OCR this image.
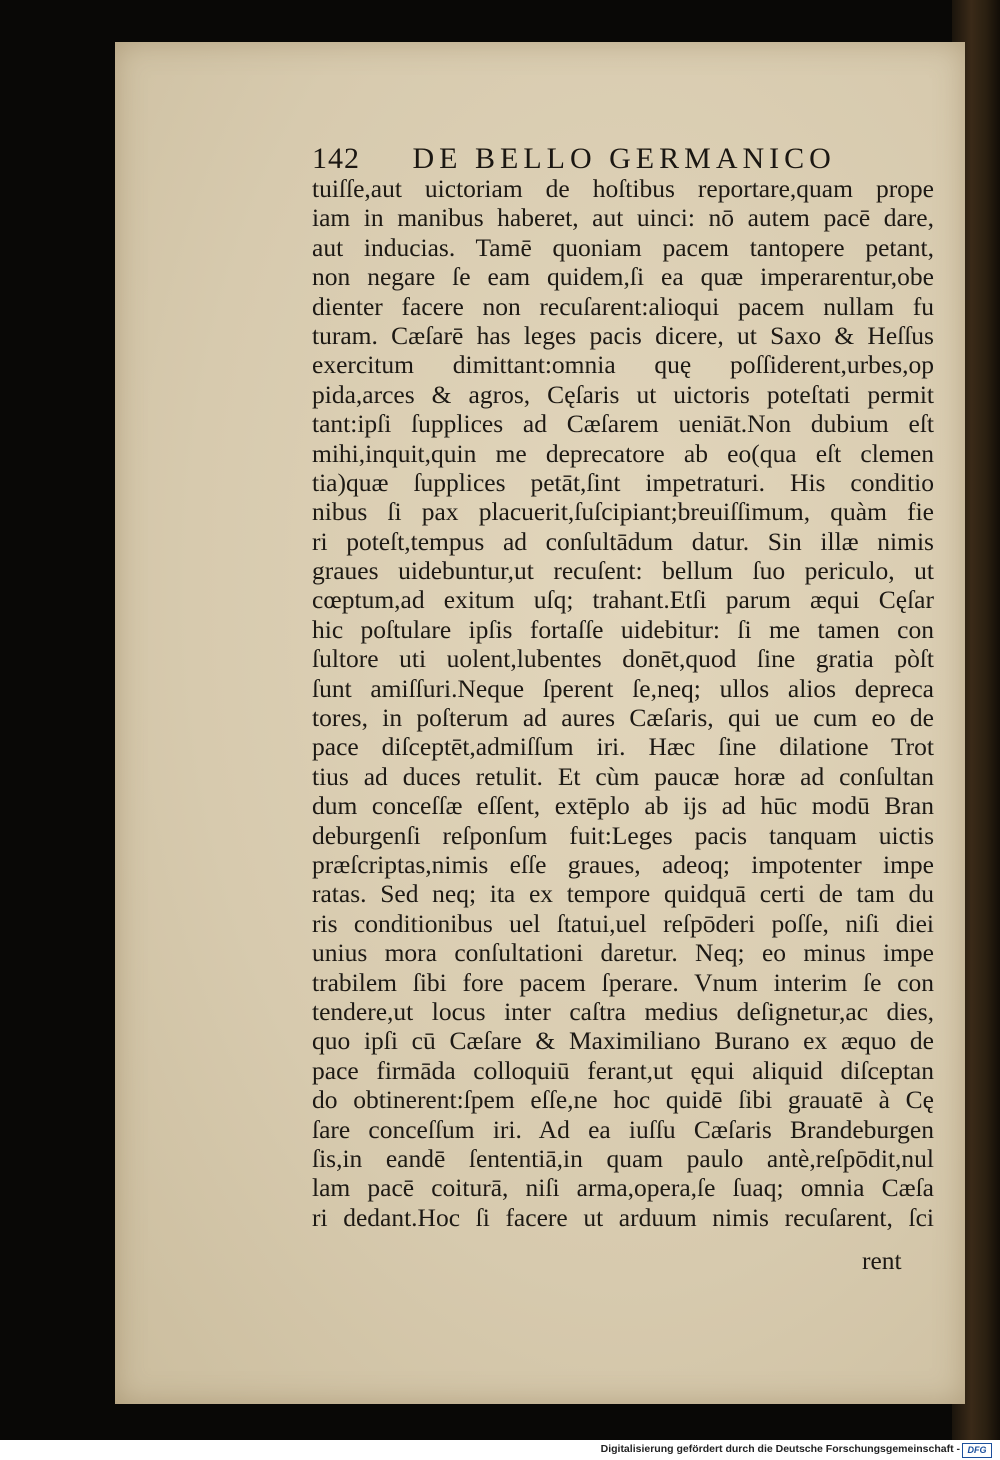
142 DE BELLO GERMANICO
tuiſſe,aut uictoriam de hoſtibus reportare,quam prope
iam in manibus haberet, aut uinci: nō autem pacē dare,
aut inducias. Tamē quoniam pacem tantopere petant,
non negare ſe eam quidem,ſi ea quæ imperarentur,obe
dienter facere non recuſarent:alioqui pacem nullam fu
turam. Cæſarē has leges pacis dicere, ut Saxo & Heſſus
exercitum dimittant:omnia quę poſſiderent,urbes,op
pida,arces & agros, Cęſaris ut uictoris poteſtati permit
tant:ipſi ſupplices ad Cæſarem ueniāt.Non dubium eſt
mihi,inquit,quin me deprecatore ab eo(qua eſt clemen
tia)quæ ſupplices petāt,ſint impetraturi. His conditio
nibus ſi pax placuerit,ſuſcipiant;breuiſſimum, quàm fie
ri poteſt,tempus ad conſultādum datur. Sin illæ nimis
graues uidebuntur,ut recuſent: bellum ſuo periculo, ut
cœptum,ad exitum uſq; trahant.Etſi parum æqui Cęſar
hic poſtulare ipſis fortaſſe uidebitur: ſi me tamen con
ſultore uti uolent,lubentes donēt,quod ſine gratia pòſt
ſunt amiſſuri.Neque ſperent ſe,neq; ullos alios depreca
tores, in poſterum ad aures Cæſaris, qui ue cum eo de
pace diſceptēt,admiſſum iri. Hæc ſine dilatione Trot
tius ad duces retulit. Et cùm paucæ horæ ad conſultan
dum conceſſæ eſſent, extēplo ab ijs ad hūc modū Bran
deburgenſi reſponſum fuit:Leges pacis tanquam uictis
præſcriptas,nimis eſſe graues, adeoq; impotenter impe
ratas. Sed neq; ita ex tempore quidquā certi de tam du
ris conditionibus uel ſtatui,uel reſpōderi poſſe, niſi diei
unius mora conſultationi daretur. Neq; eo minus impe
trabilem ſibi fore pacem ſperare. Vnum interim ſe con
tendere,ut locus inter caſtra medius deſignetur,ac dies,
quo ipſi cū Cæſare & Maximiliano Burano ex æquo de
pace firmāda colloquiū ferant,ut ęqui aliquid diſceptan
do obtinerent:ſpem eſſe,ne hoc quidē ſibi grauatē à Cę
ſare conceſſum iri. Ad ea iuſſu Cæſaris Brandeburgen
ſis,in eandē ſententiā,in quam paulo antè,reſpōdit,nul
lam pacē coiturā, niſi arma,opera,ſe ſuaq; omnia Cæſa
ri dedant.Hoc ſi facere ut arduum nimis recuſarent, ſci
rent
Digitalisierung gefördert durch die Deutsche Forschungsgemeinschaft - DFG
